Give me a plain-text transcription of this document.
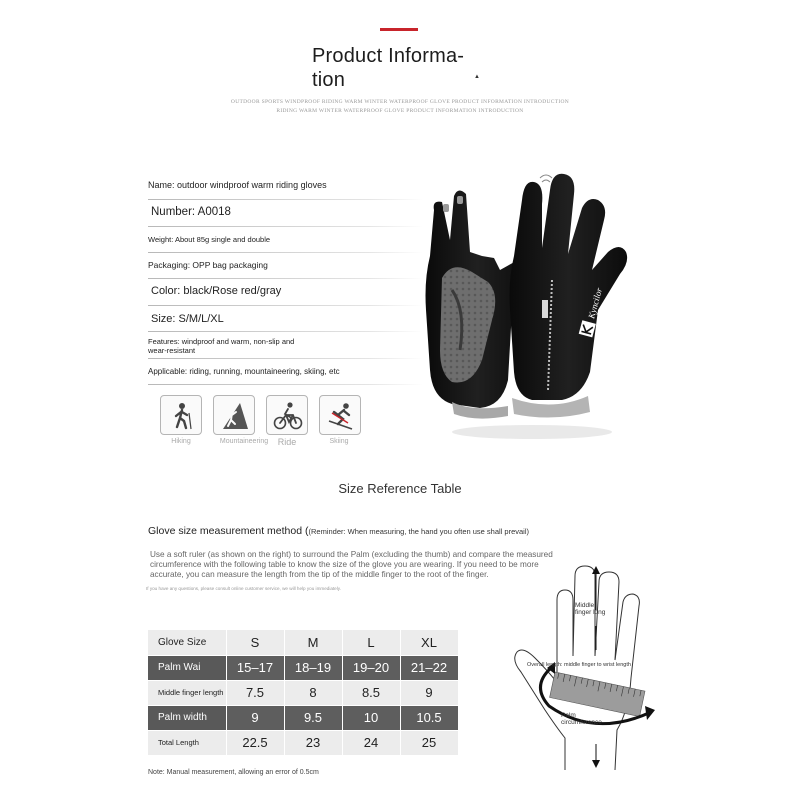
Product Informa-
tion	▲
OUTDOOR SPORTS WINDPROOF RIDING WARM WINTER WATERPROOF GLOVE PRODUCT INFORMATION INTRODUCTION
RIDING WARM WINTER WATERPROOF GLOVE PRODUCT INFORMATION INTRODUCTION
Name: outdoor windproof warm riding gloves
Number: A0018
Weight: About 85g single and double
Packaging: OPP bag packaging
Color: black/Rose red/gray
Size: S/M/L/XL
Features: windproof and warm, non-slip and
wear-resistant
Applicable: riding, running, mountaineering, skiing, etc
Hiking	Mountaineering	Ride	Skiing
Kyncilor
Size Reference Table
Glove size measurement method ((Reminder: When measuring, the hand you often use shall prevail)
Use a soft ruler (as shown on the right) to surround the Palm (excluding the thumb) and compare the measured circumference with the following table to know the size of the glove you are wearing. If you need to be more accurate, you can measure the length from the tip of the middle finger to the root of the finger.
If you have any questions, please consult online customer service, we will help you immediately.
Glove Size	S	M	L	XL
Palm Wai	15–17	18–19	19–20	21–22
Middle finger length	7.5	8	8.5	9
Palm width	9	9.5	10	10.5
Total Length	22.5	23	24	25
Note: Manual measurement, allowing an error of 0.5cm
Middle finger long
Overall length: middle finger to wrist length
Palm circumference
